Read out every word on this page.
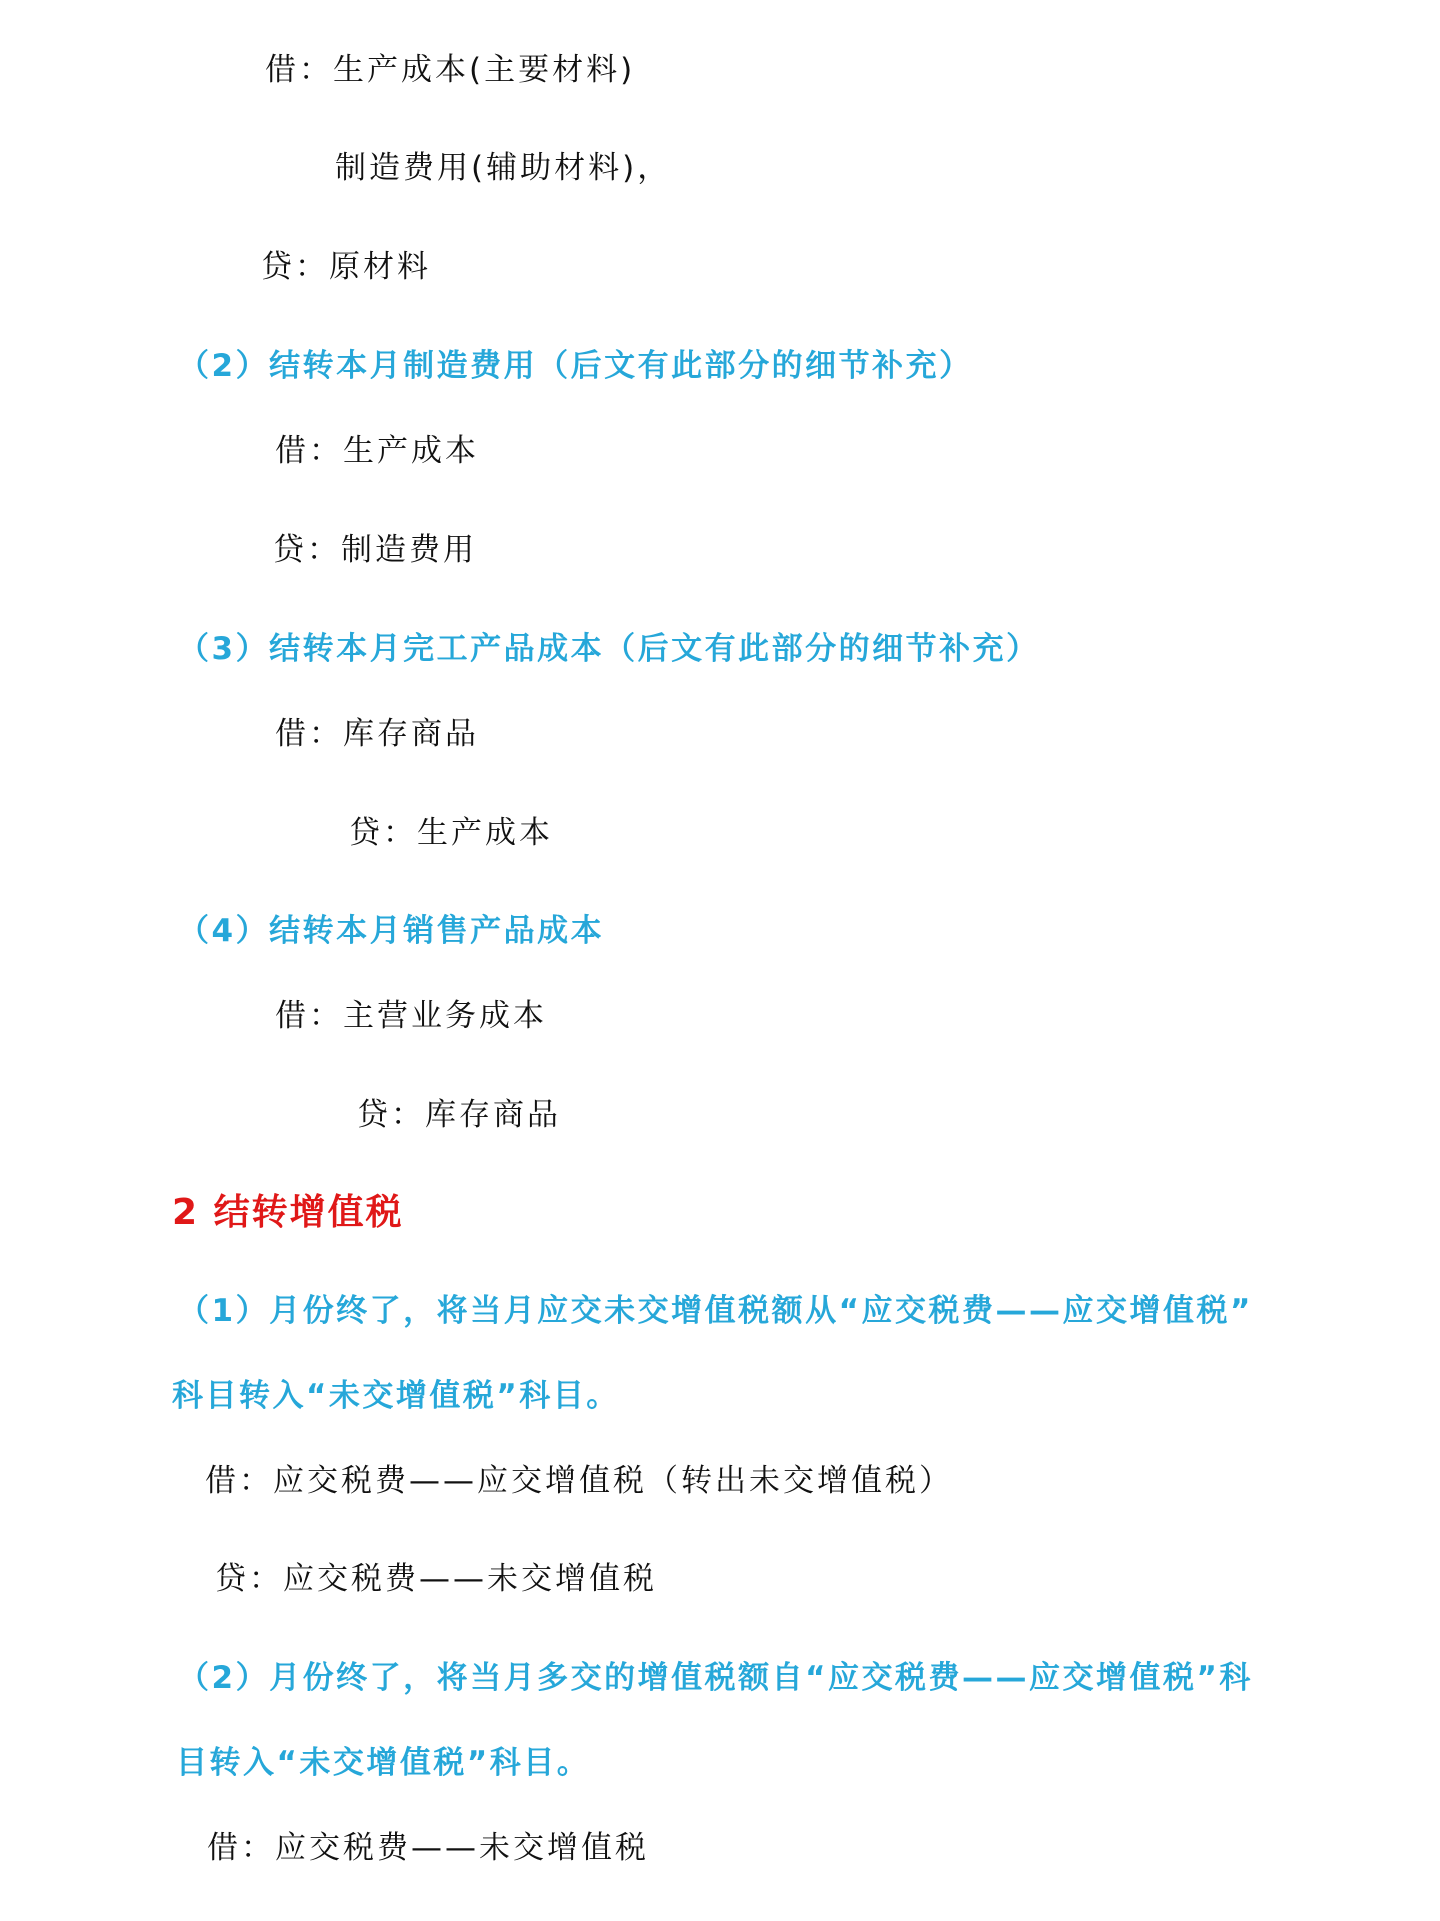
借：生产成本(主要材料)
制造费用(辅助材料)，
贷：原材料
（2）结转本月制造费用（后文有此部分的细节补充）
借：生产成本
贷：制造费用
（3）结转本月完工产品成本（后文有此部分的细节补充）
借：库存商品
贷：生产成本
（4）结转本月销售产品成本
借：主营业务成本
贷：库存商品
2 结转增值税
（1）月份终了，将当月应交未交增值税额从“应交税费——应交增值税”
科目转入“未交增值税”科目。
借：应交税费——应交增值税（转出未交增值税）
贷：应交税费——未交增值税
（2）月份终了，将当月多交的增值税额自“应交税费——应交增值税”科
目转入“未交增值税”科目。
借：应交税费——未交增值税
